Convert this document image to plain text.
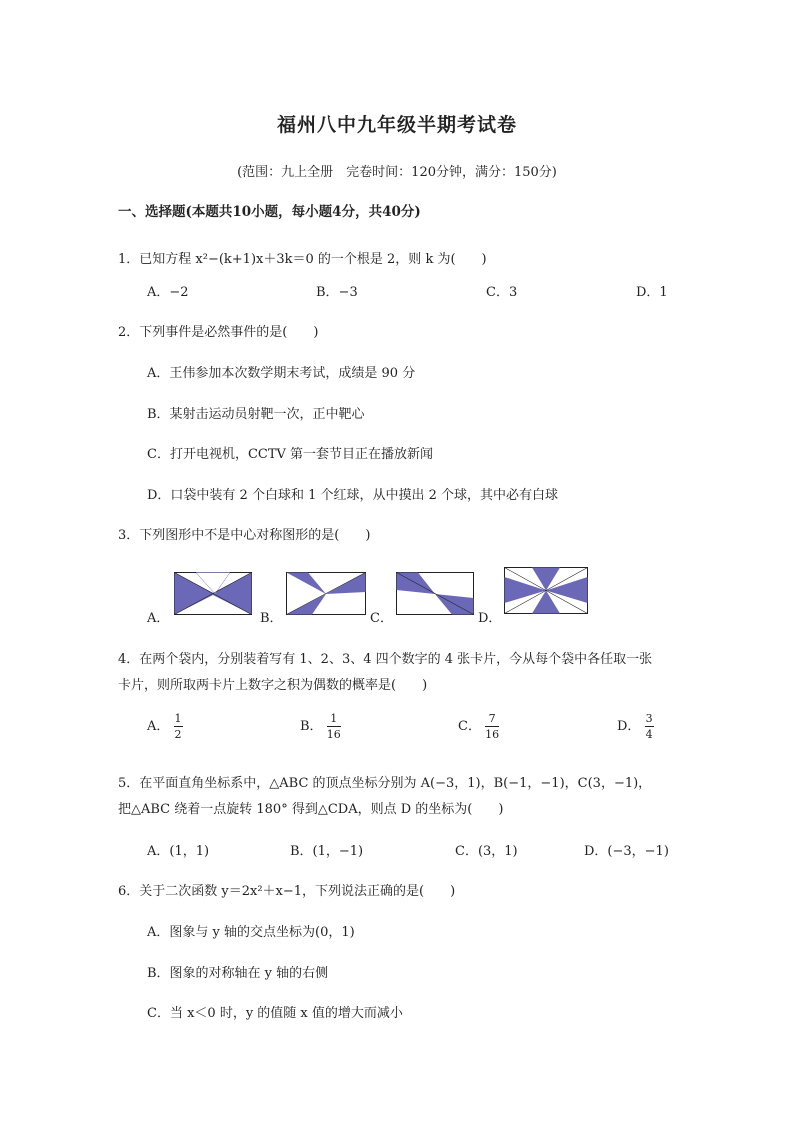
福州八中九年级半期考试卷
(范围：九上全册　完卷时间：120分钟，满分：150分)
一、选择题(本题共10小题，每小题4分，共40分)
1．已知方程 x²−(k+1)x＋3k＝0 的一个根是 2，则 k 为(　　)
A．−2	B．−3	C．3	D．1
2．下列事件是必然事件的是(　　)
A．王伟参加本次数学期末考试，成绩是 90 分
B．某射击运动员射靶一次，正中靶心
C．打开电视机，CCTV 第一套节目正在播放新闻
D．口袋中装有 2 个白球和 1 个红球，从中摸出 2 个球，其中必有白球
3．下列图形中不是中心对称图形的是(　　)
A．	B．	C．	D．
4．在两个袋内，分别装着写有 1、2、3、4 四个数字的 4 张卡片，今从每个袋中各任取一张
卡片，则所取两卡片上数字之积为偶数的概率是(　　)
A． $\frac{1}{2}$	B． $\frac{1}{16}$	C． $\frac{7}{16}$	D． $\frac{3}{4}$
5．在平面直角坐标系中，△ABC 的顶点坐标分别为 A(−3，1)，B(−1，−1)，C(3，−1)，
把△ABC 绕着一点旋转 180° 得到△CDA，则点 D 的坐标为(　　)
A．(1，1)	B．(1，−1)	C．(3，1)	D．(−3，−1)
6．关于二次函数 y＝2x²＋x−1，下列说法正确的是(　　)
A．图象与 y 轴的交点坐标为(0，1)
B．图象的对称轴在 y 轴的右侧
C．当 x＜0 时，y 的值随 x 值的增大而减小
